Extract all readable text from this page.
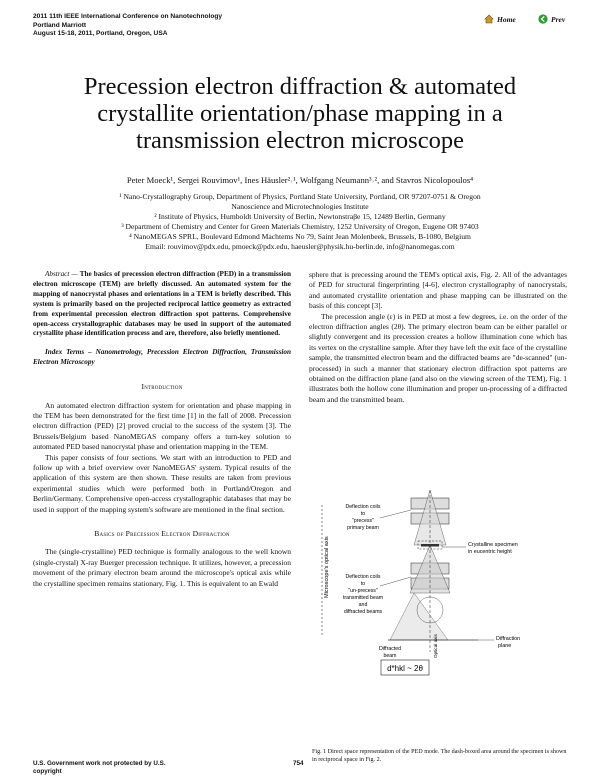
2011 11th IEEE International Conference on Nanotechnology
Portland Marriott
August 15-18, 2011, Portland, Oregon, USA
Home	Prev
Precession electron diffraction & automated
crystallite orientation/phase mapping in a
transmission electron microscope
Peter Moeck¹, Sergei Rouvimov¹, Ines Häusler²˒¹, Wolfgang Neumann³˒², and Stavros Nicolopoulos⁴
¹ Nano-Crystallography Group, Department of Physics, Portland State University, Portland, OR 97207-0751 & Oregon
Nanoscience and Microtechnologies Institute
² Institute of Physics, Humboldt University of Berlin, Newtonstraβe 15, 12489 Berlin, Germany
³ Department of Chemistry and Center for Green Materials Chemistry, 1252 University of Oregon, Eugene OR 97403
⁴ NanoMEGAS SPRL, Boulevard Edmond Machtems No 79, Saint Jean Molenbeek, Brussels, B-1080, Belgium
Email: rouvimov@pdx.edu, pmoeck@pdx.edu, haeusler@physik.hu-berlin.de, info@nanomegas.com

Abstract — The basics of precession electron diffraction (PED) in a transmission electron microscope (TEM) are briefly discussed. An automated system for the mapping of nanocrystal phases and orientations in a TEM is briefly described. This system is primarily based on the projected reciprocal lattice geometry as extracted from experimental precession electron diffraction spot patterns. Comprehensive open-access crystallographic databases may be used in support of the automated crystallite phase identification process and are, therefore, also briefly mentioned.

Index Terms – Nanometrology, Precession Electron Diffraction, Transmission Electron Microscopy

Introduction

An automated electron diffraction system for orientation and phase mapping in the TEM has been demonstrated for the first time [1] in the fall of 2008. Precession electron diffraction (PED) [2] proved crucial to the success of the system [3]. The Brussels/Belgium based NanoMEGAS company offers a turn-key solution to automated PED based nanocrystal phase and orientation mapping in the TEM.

This paper consists of four sections. We start with an introduction to PED and follow up with a brief overview over NanoMEGAS' system. Typical results of the application of this system are then shown. These results are taken from previous experimental studies which were performed both in Portland/Oregon and Berlin/Germany. Comprehensive open-access crystallographic databases that may be used in support of the mapping system's software are mentioned in the final section.

Basics of Precession Electron Diffraction

The (single-crystalline) PED technique is formally analogous to the well known (single-crystal) X-ray Buerger precession technique. It utilizes, however, a precession movement of the primary electron beam around the microscope's optical axis while the crystalline specimen remains stationary, Fig. 1. This is equivalent to an Ewald

sphere that is precessing around the TEM's optical axis, Fig. 2. All of the advantages of PED for structural fingerprinting [4-6], electron crystallography of nanocrystals, and automated crystallite orientation and phase mapping can be illustrated on the basis of this concept [3].

The precession angle (ε) is in PED at most a few degrees, i.e. on the order of the electron diffraction angles (2θ). The primary electron beam can be either parallel or slightly convergent and its precession creates a hollow illumination cone which has its vertex on the crystalline sample. After they have left the exit face of the crystalline sample, the transmitted electron beam and the diffracted beams are "de-scanned" (un-processed) in such a manner that stationary electron diffraction spot patterns are obtained on the diffraction plane (and also on the viewing screen of the TEM), Fig. 1 illustrates both the hollow cone illumination and proper un-processing of a diffracted beam and the transmitted beam.

Microscope's optical axis
Deflection coils
to
"precess"
primary beam
Deflection coils
to
"un-precess"
transmitted beam
and
diffracted beams
Crystalline specimen
in eucentric height
Diffraction
plane
Diffracted
beam	Optical axis
d*hkl ~ 2θ
Fig. 1 Direct space representation of the PED mode. The dash-boxed area around the specimen is shown in reciprocal space in Fig. 2.
U.S. Government work not protected by U.S.
copyright
754
